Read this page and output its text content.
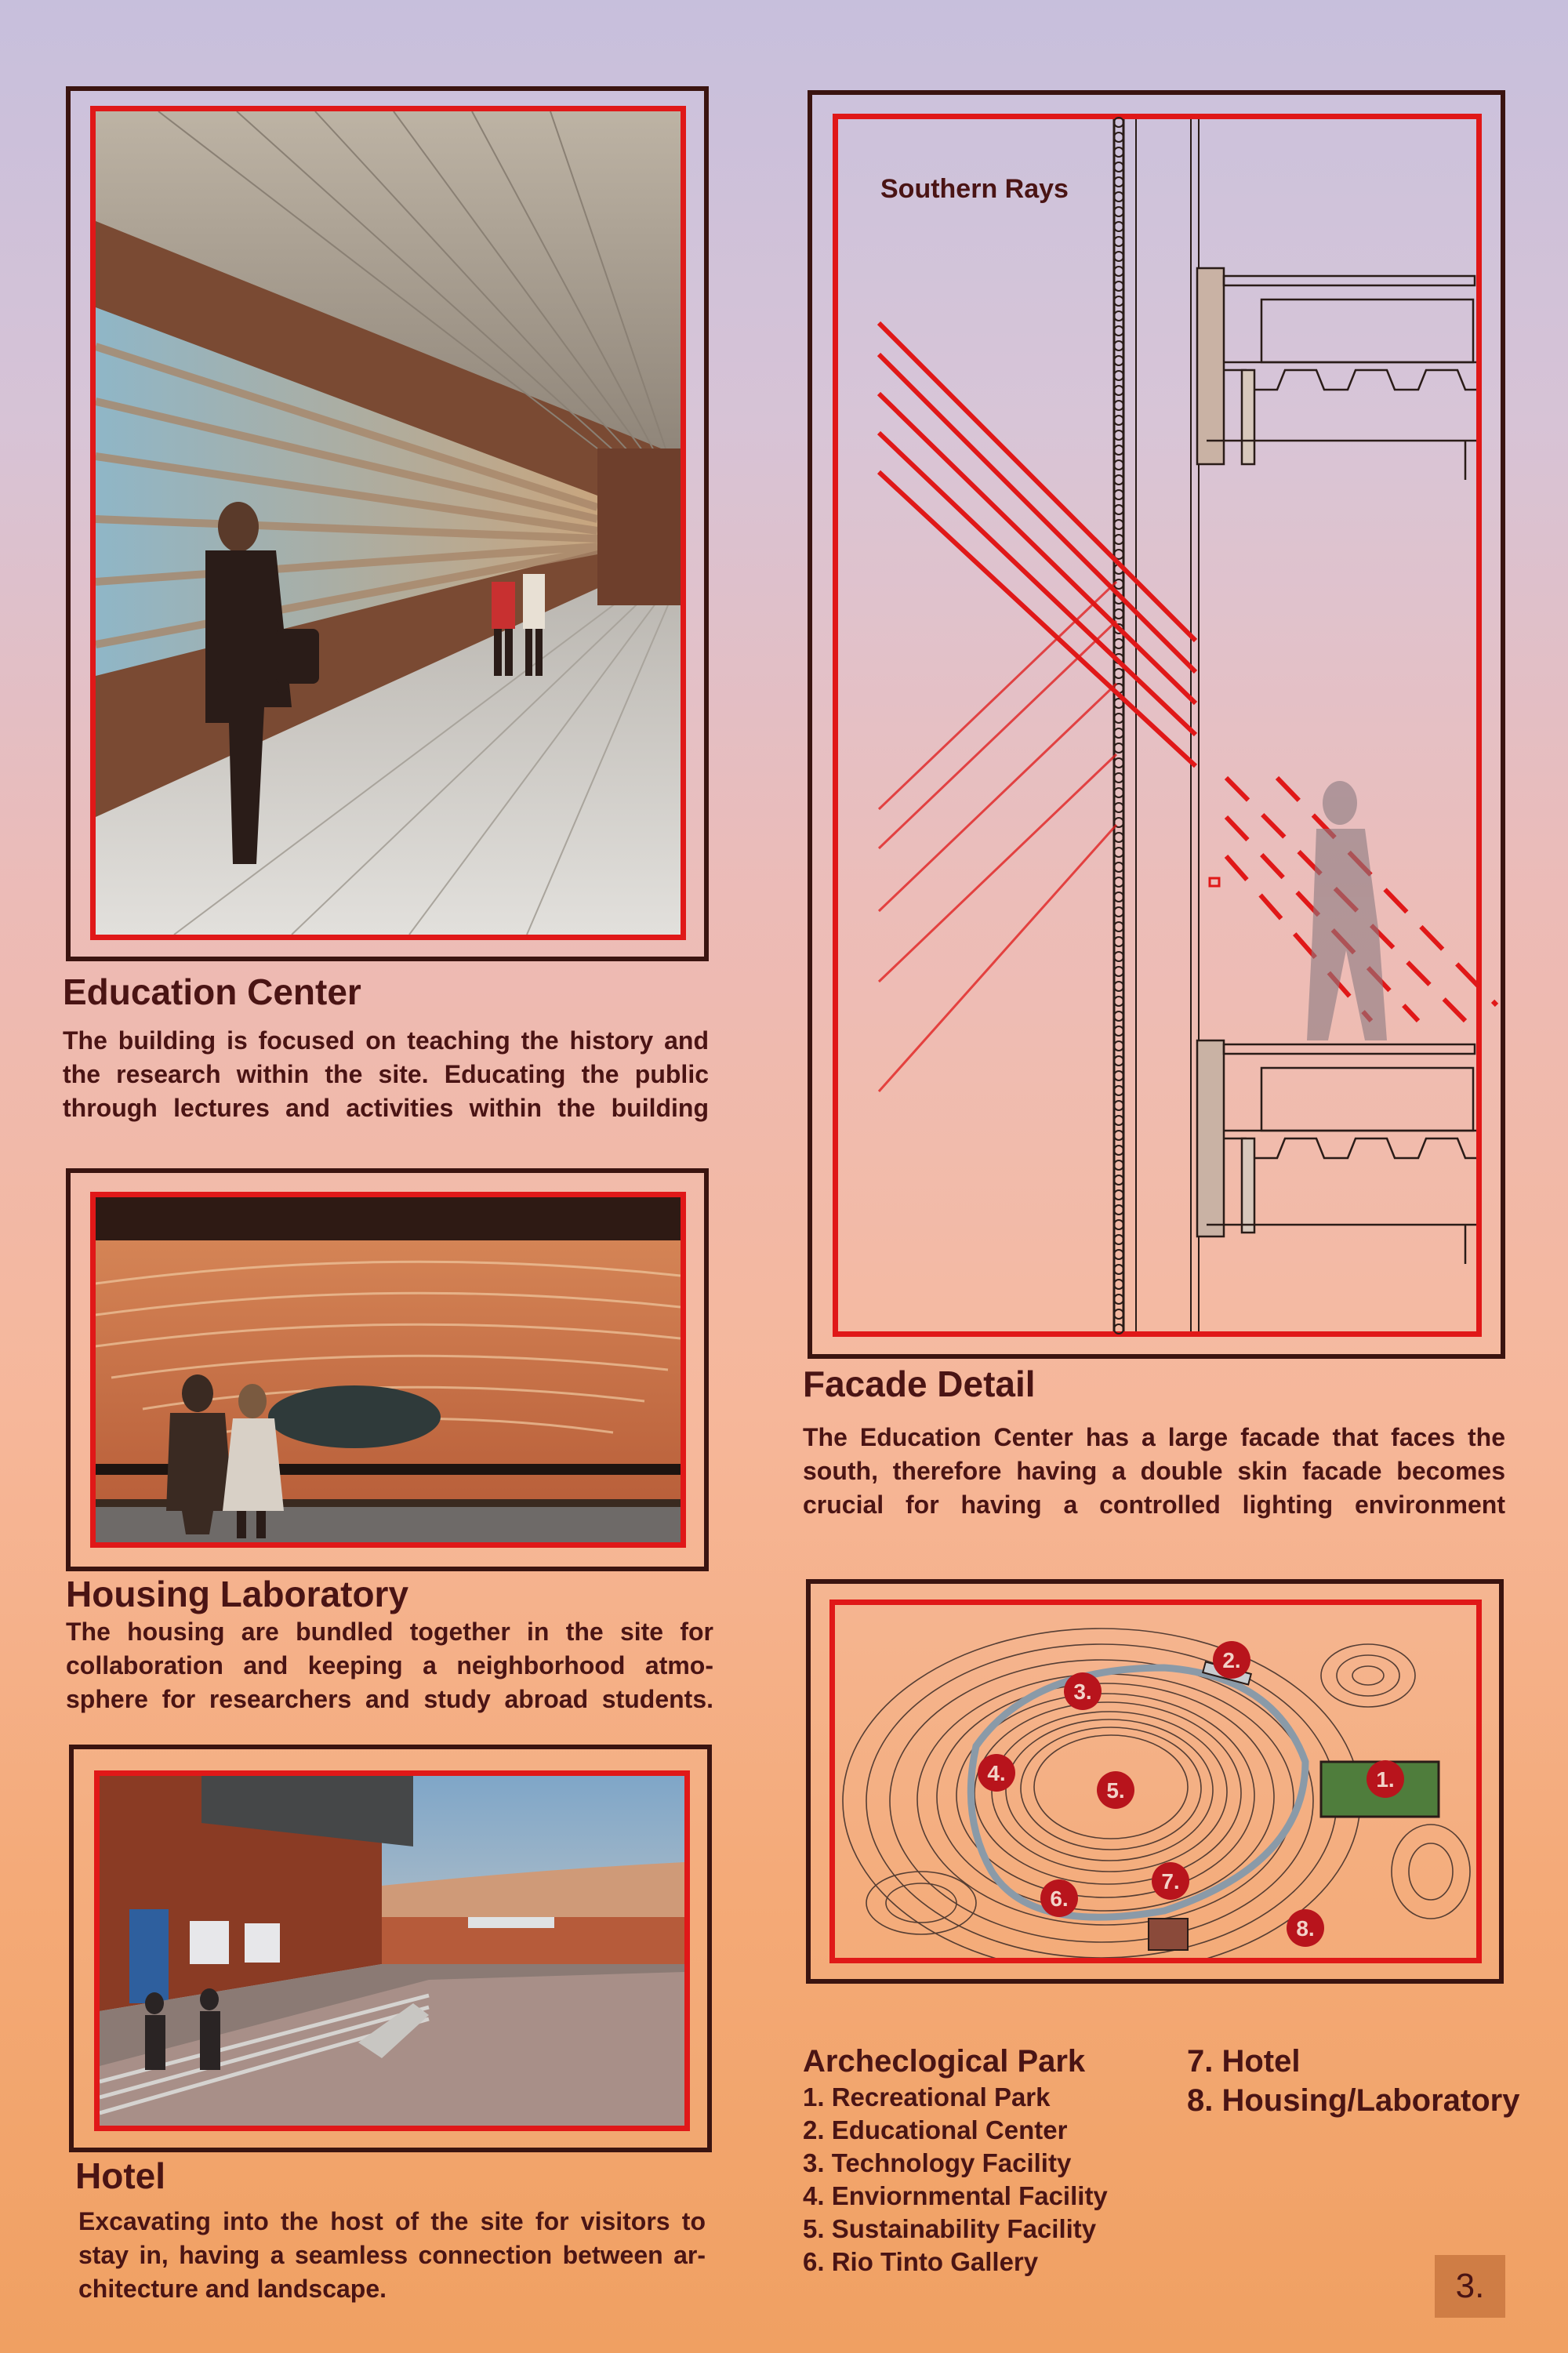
Education Center
The building is focused on teaching the history and
the research within the site. Educating the public
through lectures and activities within the building
Housing Laboratory
The housing are bundled together in the site for
collaboration and keeping a neighborhood atmo-
sphere for researchers and study abroad students.
Hotel
Excavating into the host of the site for visitors to
stay in, having a seamless connection between ar-
chitecture and landscape.
Southern Rays
Facade Detail
The Education Center has a large facade that faces the
south, therefore having a double skin facade becomes
crucial for having a controlled lighting environment
1.
2.
3.
4.
5.
6.
7.
8.
Archeclogical Park
1. Recreational Park
2. Educational Center
3. Technology Facility
4. Enviornmental Facility
5. Sustainability Facility
6. Rio Tinto Gallery
7. Hotel
8. Housing/Laboratory
3.
